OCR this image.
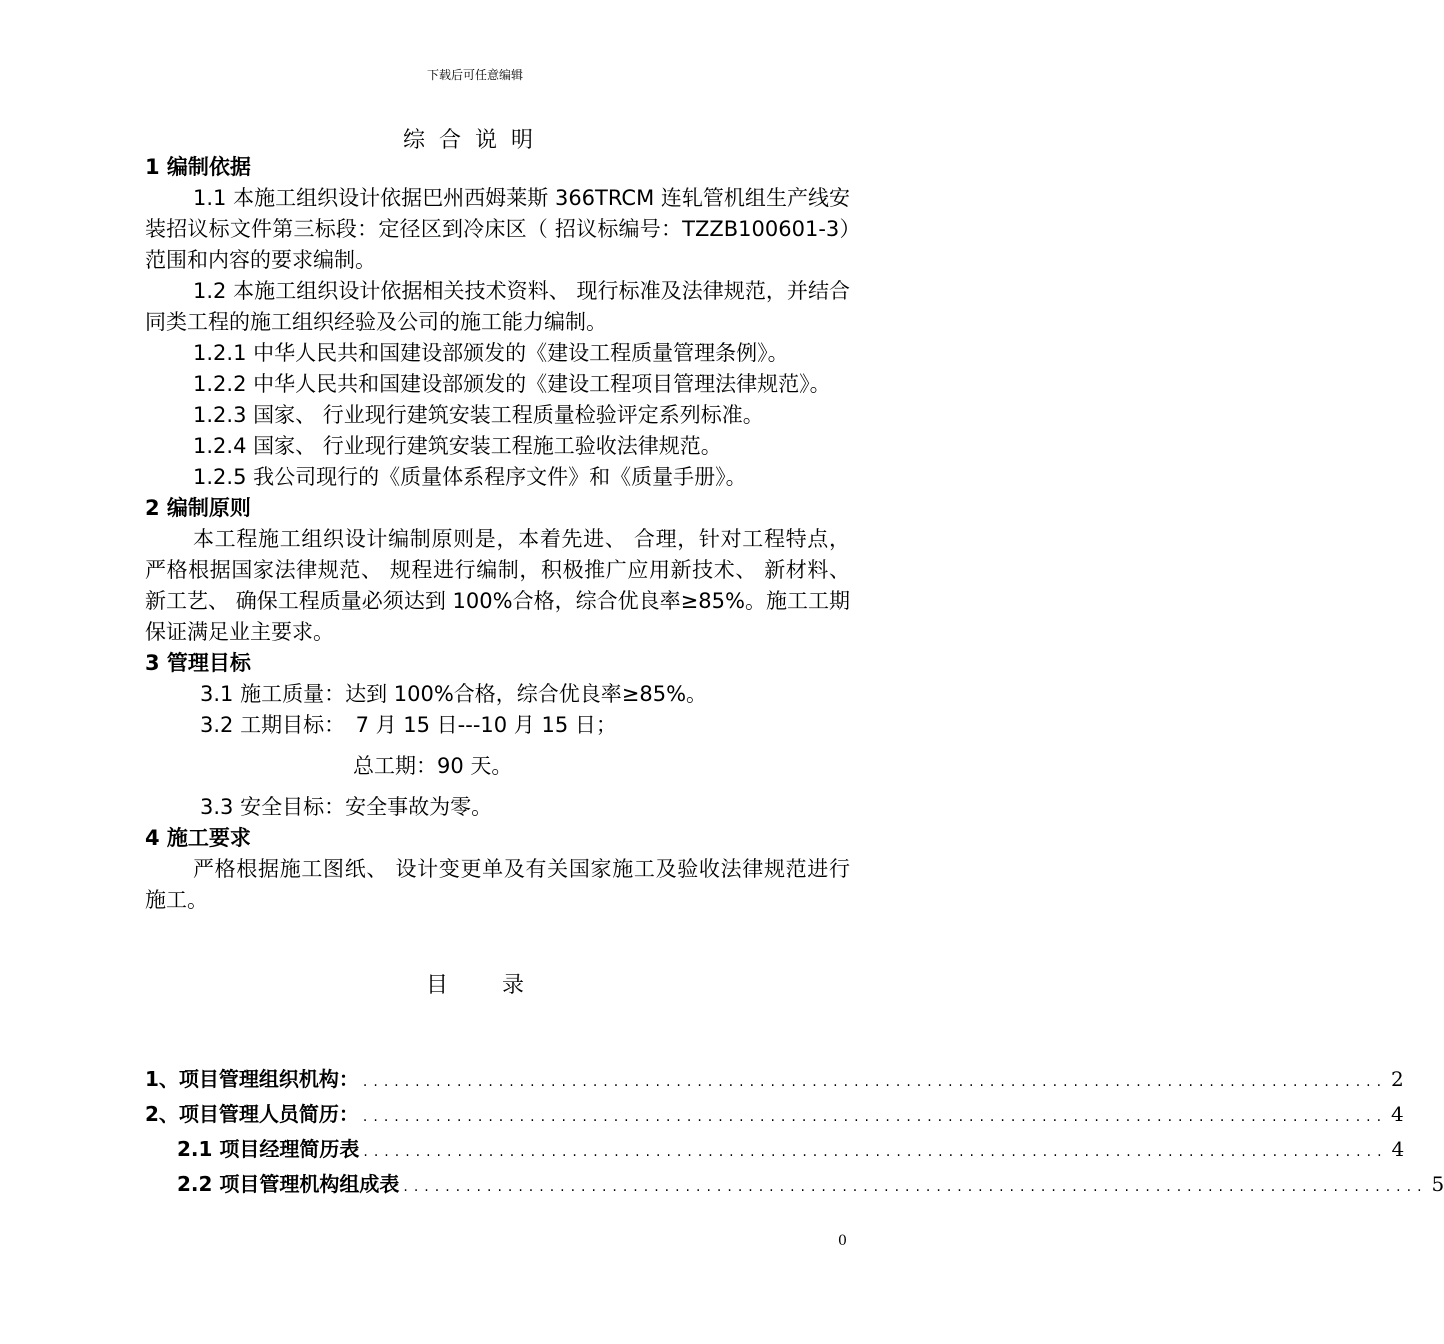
下载后可任意编辑
综合说明
1 编制依据

1.1 本施工组织设计依据巴州西姆莱斯 366TRCM 连轧管机组生产线安　　装招议标文件第三标段：定径区到冷床区（ 招议标编号：TZZB100601-3）范围和内容的要求编制。

1.2 本施工组织设计依据相关技术资料、 现行标准及法律规范，并结合同类工程的施工组织经验及公司的施工能力编制。

1.2.1 中华人民共和国建设部颁发的《建设工程质量管理条例》。

1.2.2 中华人民共和国建设部颁发的《建设工程项目管理法律规范》。

1.2.3 国家、 行业现行建筑安装工程质量检验评定系列标准。

1.2.4 国家、 行业现行建筑安装工程施工验收法律规范。

1.2.5 我公司现行的《质量体系程序文件》和《质量手册》。

2 编制原则

本工程施工组织设计编制原则是，本着先进、 合理，针对工程特点，严格根据国家法律规范、 规程进行编制，积极推广应用新技术、 新材料、 新工艺、 确保工程质量必须达到 100%合格，综合优良率≥85%。施工工期保证满足业主要求。

3 管理目标

3.1 施工质量：达到 100%合格，综合优良率≥85%。

3.2 工期目标：　7 月 15 日---10 月 15 日；

总工期：90 天。

3.3 安全目标：安全事故为零。

4 施工要求

严格根据施工图纸、 设计变更单及有关国家施工及验收法律规范进行施工。

目 录
1、 项目管理组织机构： .................................................................................................. 2
2、 项目管理人员简历： .................................................................................................. 4
2.1 项目经理简历表 .................................................................................................. 4
2.2 项目管理机构组成表 .................................................................................................. 5
0
